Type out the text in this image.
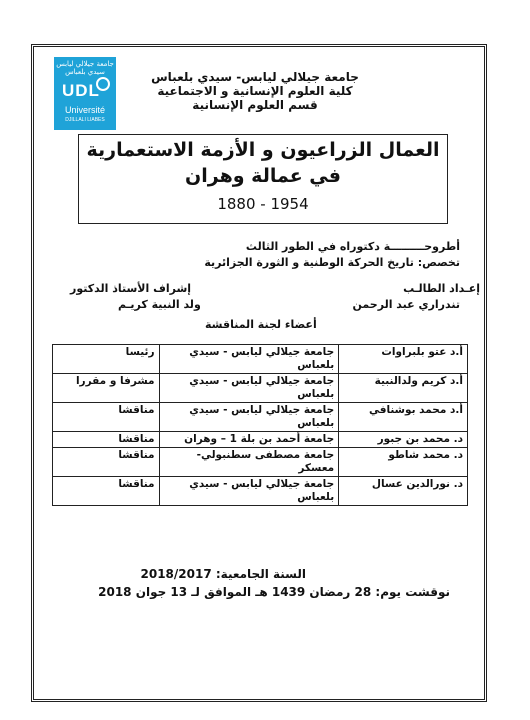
جامعة جيلالي ليابس سيدي بلعباس
UDL
Université
DJILLALI LIABES
جامعة جيلالي ليابس- سيدي بلعباس
كلية العلوم الإنسانية و الاجتماعية
قسم العلوم الإنسانية
العمال الزراعيون و الأزمة الاستعمارية
في عمالة وهران
1954 - 1880
أطروحـــــــــة دكتوراه في الطور الثالث
تخصص: تاريخ الحركة الوطنية و الثورة الجزائرية
إعـداد الطالـب
إشراف الأستاذ الدكتور
تندراري عبد الرحمن
ولد النبية كريـم
أعضاء لجنة المناقشة
أ.د عتو بلبراوات	جامعة جيلالي ليابس - سيدي بلعباس	رئيسا
أ.د كريم ولدالنبية	جامعة جيلالي ليابس - سيدي بلعباس	مشرفا و مقررا
أ.د محمد بوشنافي	جامعة جيلالي ليابس - سيدي بلعباس	مناقشا
د. محمد بن جبور	جامعة أحمد بن بلة 1 – وهران	مناقشا
د. محمد شاطو	جامعة مصطفى سطنبولي- معسكر	مناقشا
د. نورالدين عسال	جامعة جيلالي ليابس - سيدي بلعباس	مناقشا
السنة الجامعية: 2018/2017
نوقشت يوم: 28 رمضان 1439 هـ الموافق لـ 13 جوان 2018
